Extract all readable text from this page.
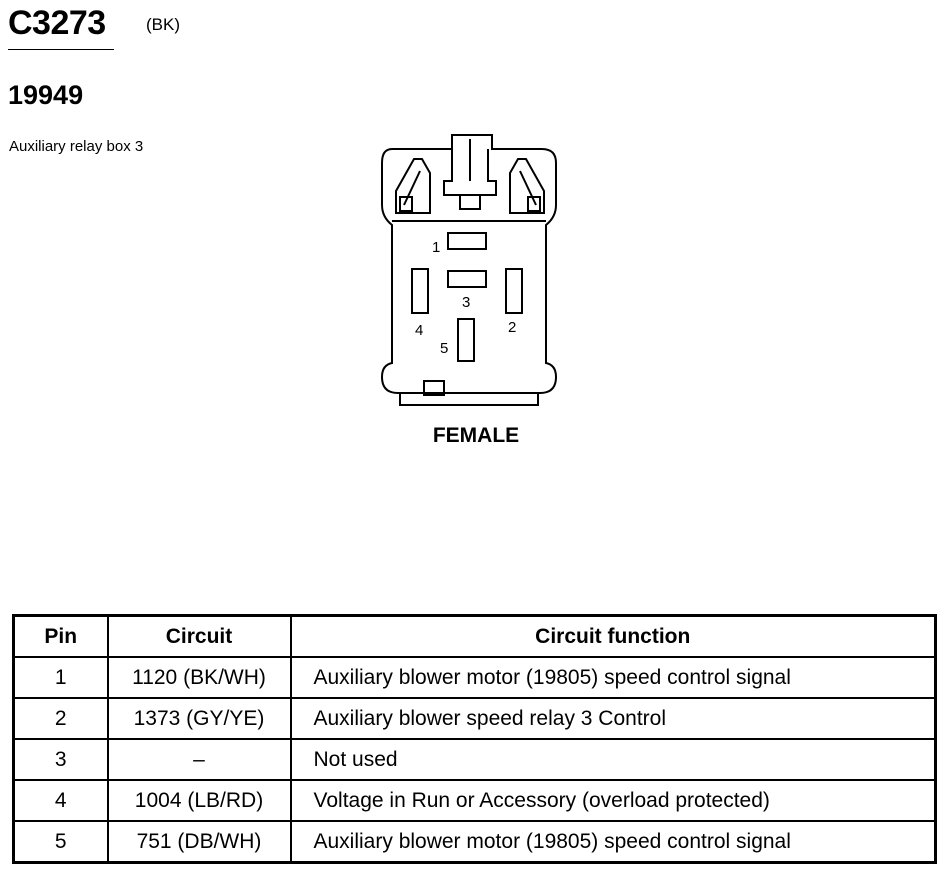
C3273 (BK)
19949
Auxiliary relay box 3
1
2
3
4
5
FEMALE
Pin	Circuit	Circuit function
1	1120 (BK/WH)	Auxiliary blower motor (19805) speed control signal
2	1373 (GY/YE)	Auxiliary blower speed relay 3 Control
3	–	Not used
4	1004 (LB/RD)	Voltage in Run or Accessory (overload protected)
5	751 (DB/WH)	Auxiliary blower motor (19805) speed control signal
